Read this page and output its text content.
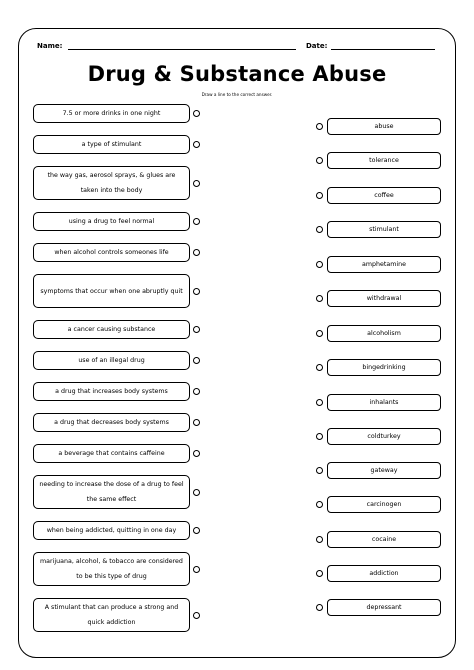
Name:	Date:
Drug & Substance Abuse
Draw a line to the correct answer.
7.5 or more drinks in one night
a type of stimulant
the way gas, aerosol sprays, & glues are taken into the body
using a drug to feel normal
when alcohol controls someones life
symptoms that occur when one abruptly quit
a cancer causing substance
use of an illegal drug
a drug that increases body systems
a drug that decreases body systems
a beverage that contains caffeine
needing to increase the dose of a drug to feel the same effect
when being addicted, quitting in one day
marijuana, alcohol, & tobacco are considered to be this type of drug
A stimulant that can produce a strong and quick addiction
abuse
tolerance
coffee
stimulant
amphetamine
withdrawal
alcoholism
bingedrinking
inhalants
coldturkey
gateway
carcinogen
cocaine
addiction
depressant
